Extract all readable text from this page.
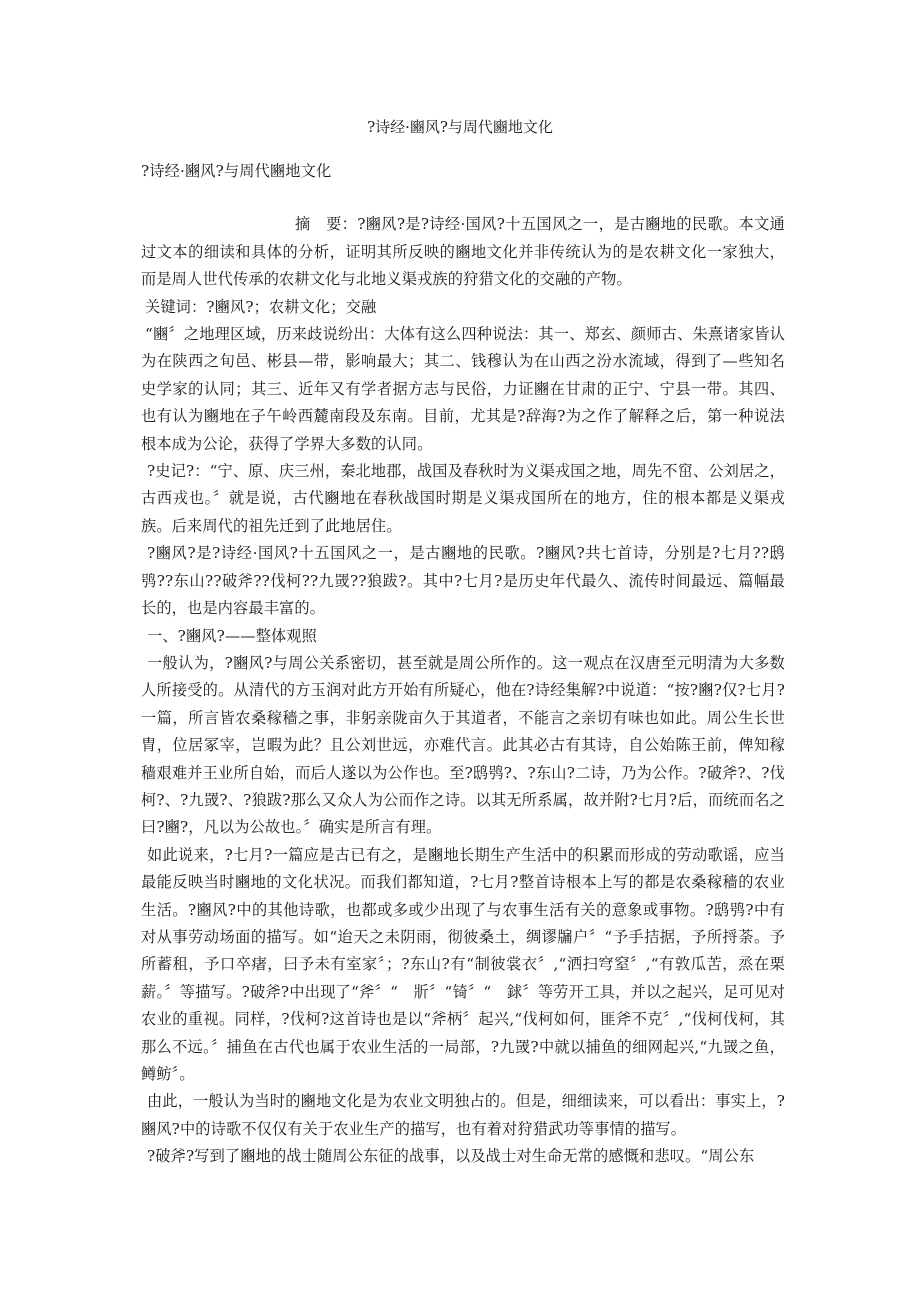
?诗经·豳风?与周代豳地文化

?诗经·豳风?与周代豳地文化

摘　要：?豳风?是?诗经·国风?十五国风之一，是古豳地的民歌。本文通过文本的细读和具体的分析，证明其所反映的豳地文化并非传统认为的是农耕文化一家独大，而是周人世代传承的农耕文化与北地义渠戎族的狩猎文化的交融的产物。

关键词：?豳风?；农耕文化；交融

“豳〞之地理区域，历来歧说纷出：大体有这么四种说法：其一、郑玄、颜师古、朱熹诸家皆认为在陕西之旬邑、彬县—带，影响最大；其二、钱穆认为在山西之汾水流域，得到了—些知名史学家的认同；其三、近年又有学者据方志与民俗，力证豳在甘肃的正宁、宁县一带。其四、也有认为豳地在子午岭西麓南段及东南。目前，尤其是?辞海?为之作了解释之后，第一种说法根本成为公论，获得了学界大多数的认同。

?史记?：“宁、原、庆三州，秦北地郡，战国及春秋时为义渠戎国之地，周先不窋、公刘居之，古西戎也。〞就是说，古代豳地在春秋战国时期是义渠戎国所在的地方，住的根本都是义渠戎族。后来周代的祖先迁到了此地居住。

?豳风?是?诗经·国风?十五国风之一，是古豳地的民歌。?豳风?共七首诗，分别是?七月??鸱鸮??东山??破斧??伐柯??九罭??狼跋?。其中?七月?是历史年代最久、流传时间最远、篇幅最长的，也是内容最丰富的。

一、?豳风?——整体观照

一般认为，?豳风?与周公关系密切，甚至就是周公所作的。这一观点在汉唐至元明清为大多数人所接受的。从清代的方玉润对此方开始有所疑心，他在?诗经集解?中说道：“按?豳?仅?七月?一篇，所言皆农桑稼穑之事，非躬亲陇亩久于其道者，不能言之亲切有味也如此。周公生长世胄，位居冢宰，岂暇为此？且公刘世远，亦难代言。此其必古有其诗，自公始陈王前，俾知稼穑艰难并王业所自始，而后人遂以为公作也。至?鸱鸮?、?东山?二诗，乃为公作。?破斧?、?伐柯?、?九罭?、?狼跋?那么又众人为公而作之诗。以其无所系属，故并附?七月?后，而统而名之曰?豳?，凡以为公故也。〞确实是所言有理。

如此说来，?七月?一篇应是古已有之，是豳地长期生产生活中的积累而形成的劳动歌谣，应当最能反映当时豳地的文化状况。而我们都知道，?七月?整首诗根本上写的都是农桑稼穑的农业生活。?豳风?中的其他诗歌，也都或多或少出现了与农事生活有关的意象或事物。?鸱鸮?中有对从事劳动场面的描写。如“迨天之未阴雨，彻彼桑土，绸谬牖户〞“予手拮据，予所捋荼。予所蓄租，予口卒瘏，曰予未有室家〞；?东山?有“制彼裳衣〞,“洒扫穹窒〞,“有敦瓜苦，烝在栗薪。〞等描写。?破斧?中出现了“斧〞“　斨〞“锜〞“　銶〞等劳开工具，并以之起兴，足可见对农业的重视。同样，?伐柯?这首诗也是以“斧柄〞起兴,“伐柯如何，匪斧不克〞,“伐柯伐柯，其那么不远。〞捕鱼在古代也属于农业生活的一局部，?九罭?中就以捕鱼的细网起兴,“九罭之鱼，鳟鲂〞。

由此，一般认为当时的豳地文化是为农业文明独占的。但是，细细读来，可以看出：事实上，?豳风?中的诗歌不仅仅有关于农业生产的描写，也有着对狩猎武功等事情的描写。

?破斧?写到了豳地的战士随周公东征的战事，以及战士对生命无常的感慨和悲叹。“周公东
